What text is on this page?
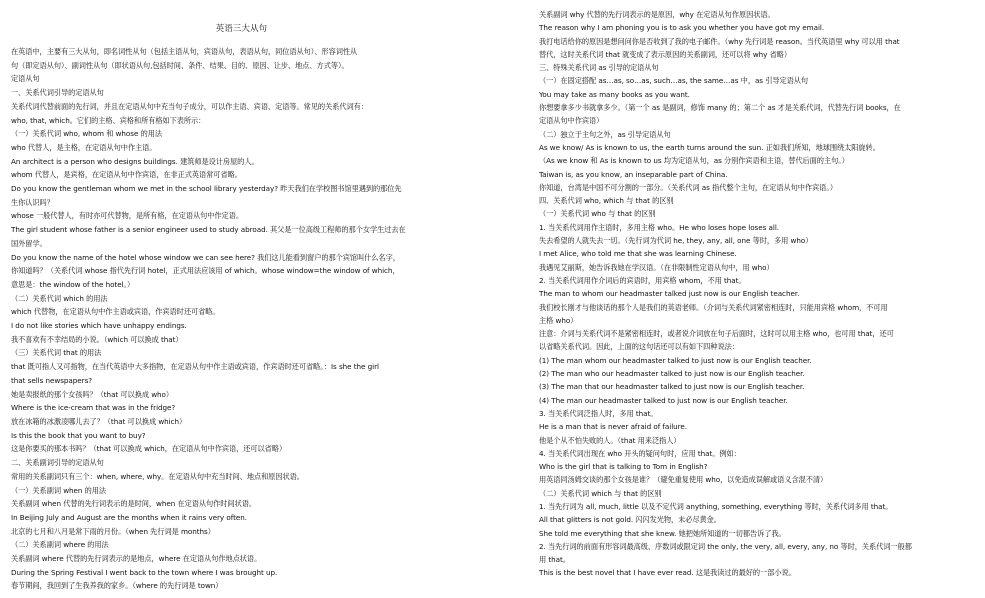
英语三大从句
在英语中，主要有三大从句，即名词性从句（包括主语从句，宾语从句，表语从句，同位语从句）、形容词性从
句（即定语从句）、副词性从句（即状语从句,包括时间、条件、结果、目的、原因、让步、地点、方式等）。
定语从句
一、关系代词引导的定语从句
关系代词代替前面的先行词，并且在定语从句中充当句子成分，可以作主语、宾语、定语等。常见的关系代词有：
who, that, which。它们的主格、宾格和所有格如下表所示：
（一）关系代词 who, whom 和 whose 的用法
who 代替人，是主格，在定语从句中作主语。
An architect is a person who designs buildings. 建筑师是设计房屋的人。
whom 代替人，是宾格，在定语从句中作宾语，在非正式英语常可省略。
Do you know the gentleman whom we met in the school library yesterday? 昨天我们在学校图书馆里遇到的那位先
生你认识吗？
whose 一般代替人，有时亦可代替物，是所有格，在定语从句中作定语。
The girl student whose father is a senior engineer used to study abroad. 其父是一位高级工程师的那个女学生过去在
国外留学。
Do you know the name of the hotel whose window we can see here? 我们这儿能看到窗户的那个宾馆叫什么名字，
你知道吗？（关系代词 whose 指代先行词 hotel，正式用法应该用 of which。whose window=the window of which，
意思是：the window of the hotel。）
（二）关系代词 which 的用法
which 代替物，在定语从句中作主语或宾语，作宾语时还可省略。
I do not like stories which have unhappy endings.
我不喜欢有不幸结局的小说。（which 可以换成 that）
（三）关系代词 that 的用法
that 既可指人又可指物，在当代英语中大多指物，在定语从句中作主语或宾语，作宾语时还可省略。：Is she the girl
that sells newspapers?
她是卖报纸的那个女孩吗？（that 可以换成 who）
Where is the ice-cream that was in the fridge?
放在冰箱的冰激凌哪儿去了？（that 可以换成 which）
Is this the book that you want to buy?
这是你要买的那本书吗？（that 可以换成 which，在定语从句中作宾语，还可以省略）
二、关系副词引导的定语从句
常用的关系副词只有三个：when, where, why。在定语从句中充当时间、地点和原因状语。
（一）关系副词 when 的用法
关系副词 when 代替的先行词表示的是时间，when 在定语从句作时间状语。
In Beijing July and August are the months when it rains very often.
北京的七月和八月是常下雨的月份。（when 先行词是 months）
（二）关系副词 where 的用法
关系副词 where 代替的先行词表示的是地点，where 在定语从句作地点状语。
During the Spring Festival I went back to the town where I was brought up.
春节期间，我回到了生我养我的家乡。（where 的先行词是 town）
关系副词 why 代替的先行词表示的是原因，why 在定语从句作原因状语。
The reason why I am phoning you is to ask you whether you have got my email.
我打电话给你的原因是想问问你是否收到了我的电子邮件。（why 先行词是 reason。当代英语里 why 可以用 that
替代，这时关系代词 that 就变成了表示原因的关系副词，还可以将 why 省略）
三、特殊关系代词 as 引导的定语从句
（一）在固定搭配 as…as, so…as, such…as, the same…as 中，as 引导定语从句
You may take as many books as you want.
你想要拿多少书就拿多少。（第一个 as 是副词，修饰 many 的；第二个 as 才是关系代词，代替先行词 books，在
定语从句中作宾语）
（二）独立于主句之外，as 引导定语从句
As we know/ As is known to us, the earth turns around the sun. 正如我们所知，地球围绕太阳旋转。
（As we know 和 As is known to us 均为定语从句，as 分别作宾语和主语，替代后面的主句。）
Taiwan is, as you know, an inseparable part of China.
你知道，台湾是中国不可分割的一部分。（关系代词 as 指代整个主句，在定语从句中作宾语。）
四、关系代词 who, which 与 that 的区别
（一）关系代词 who 与 that 的区别
1. 当关系代词用作主语时，多用主格 who。He who loses hope loses all.
失去希望的人就失去一切。（先行词为代词 he, they, any, all, one 等时，多用 who）
I met Alice, who told me that she was learning Chinese.
我遇见艾丽斯，她告诉我她在学汉语。（在非限制性定语从句中，用 who）
2. 当关系代词用作介词后的宾语时，用宾格 whom，不用 that。
The man to whom our headmaster talked just now is our English teacher.
我们校长刚才与他谈话的那个人是我们的英语老师。（介词与关系代词紧密相连时，只能用宾格 whom，不可用
主格 who）
注意：介词与关系代词不是紧密相连时，或者说介词放在句子后面时，这时可以用主格 who，也可用 that，还可
以省略关系代词。因此，上面的这句话还可以有如下四种说法：
(1) The man whom our headmaster talked to just now is our English teacher.
(2) The man who our headmaster talked to just now is our English teacher.
(3) The man that our headmaster talked to just now is our English teacher.
(4) The man our headmaster talked to just now is our English teacher.
3. 当关系代词泛指人时，多用 that。
He is a man that is never afraid of failure.
他是个从不怕失败的人。（that 用来泛指人）
4. 当关系代词出现在 who 开头的疑问句时，应用 that。例如：
Who is the girl that is talking to Tom in English?
用英语同汤姆交谈的那个女孩是谁？（避免重复使用 who，以免造成误解或语义含混不清）
（二）关系代词 which 与 that 的区别
1. 当先行词为 all, much, little 以及不定代词 anything, something, everything 等时，关系代词多用 that。
All that glitters is not gold. 闪闪发光物，未必尽黄金。
She told me everything that she knew. 她把她所知道的一切都告诉了我。
2. 当先行词的前面有形容词最高级、序数词或限定词 the only, the very, all, every, any, no 等时，关系代词一般都
用 that。
This is the best novel that I have ever read. 这是我读过的最好的一部小说。
